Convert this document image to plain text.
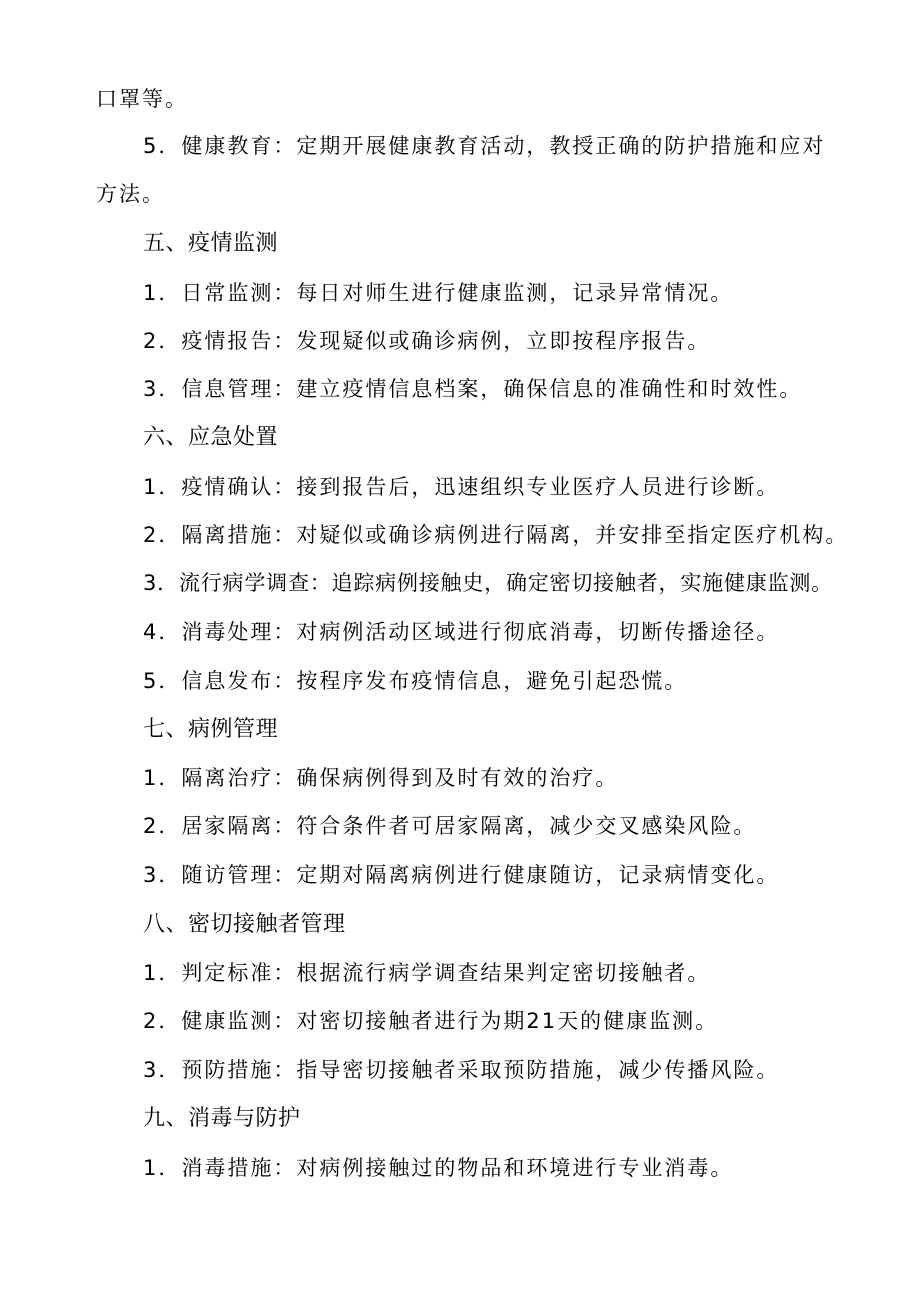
口罩等。
5．健康教育：定期开展健康教育活动，教授正确的防护措施和应对
方法。
五、疫情监测
1．日常监测：每日对师生进行健康监测，记录异常情况。
2．疫情报告：发现疑似或确诊病例，立即按程序报告。
3．信息管理：建立疫情信息档案，确保信息的准确性和时效性。
六、应急处置
1．疫情确认：接到报告后，迅速组织专业医疗人员进行诊断。
2．隔离措施：对疑似或确诊病例进行隔离，并安排至指定医疗机构。
3．流行病学调查：追踪病例接触史，确定密切接触者，实施健康监测。
4．消毒处理：对病例活动区域进行彻底消毒，切断传播途径。
5．信息发布：按程序发布疫情信息，避免引起恐慌。
七、病例管理
1．隔离治疗：确保病例得到及时有效的治疗。
2．居家隔离：符合条件者可居家隔离，减少交叉感染风险。
3．随访管理：定期对隔离病例进行健康随访，记录病情变化。
八、密切接触者管理
1．判定标准：根据流行病学调查结果判定密切接触者。
2．健康监测：对密切接触者进行为期21天的健康监测。
3．预防措施：指导密切接触者采取预防措施，减少传播风险。
九、消毒与防护
1．消毒措施：对病例接触过的物品和环境进行专业消毒。
